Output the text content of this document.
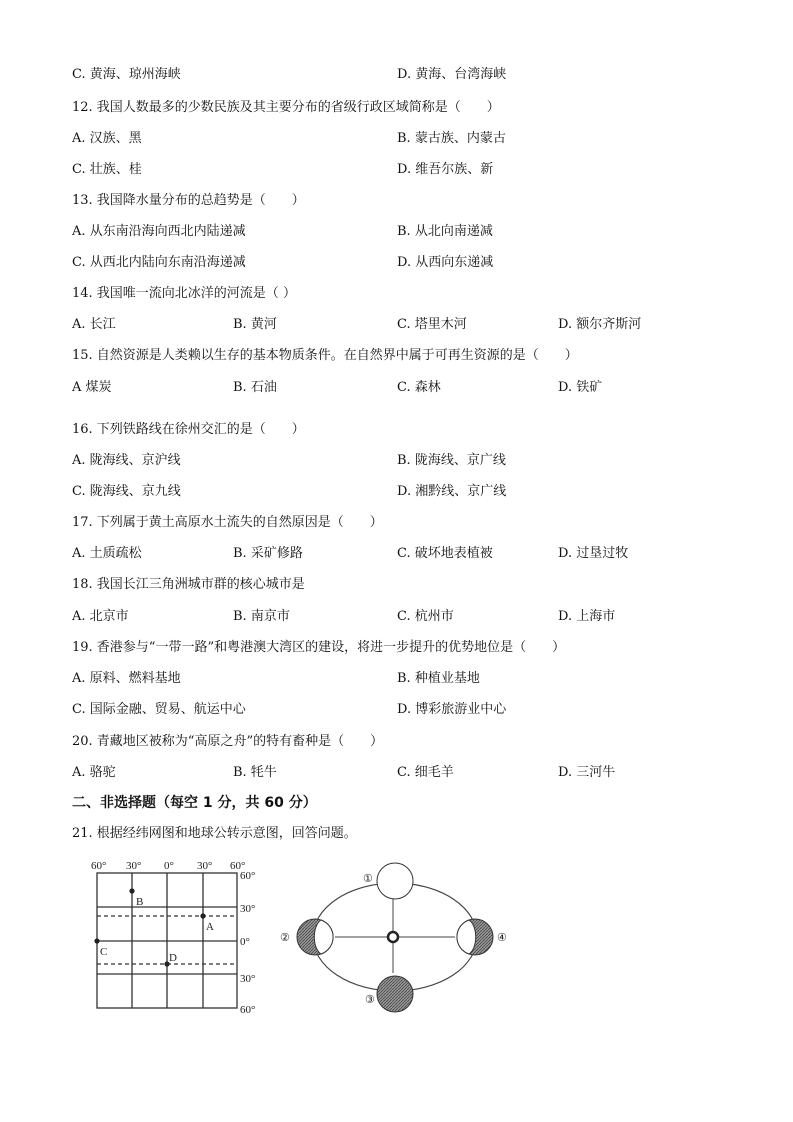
C. 黄海、琼州海峡	D. 黄海、台湾海峡
12. 我国人数最多的少数民族及其主要分布的省级行政区域简称是（　　）
A. 汉族、黑	B. 蒙古族、内蒙古
C. 壮族、桂	D. 维吾尔族、新
13. 我国降水量分布的总趋势是（　　）
A. 从东南沿海向西北内陆递减	B. 从北向南递减
C. 从西北内陆向东南沿海递减	D. 从西向东递减
14. 我国唯一流向北冰洋的河流是（ ）
A. 长江	B. 黄河	C. 塔里木河	D. 额尔齐斯河
15. 自然资源是人类赖以生存的基本物质条件。在自然界中属于可再生资源的是（　　）
A 煤炭	B. 石油	C. 森林	D. 铁矿
16. 下列铁路线在徐州交汇的是（　　）
A. 陇海线、京沪线	B. 陇海线、京广线
C. 陇海线、京九线	D. 湘黔线、京广线
17. 下列属于黄土高原水土流失的自然原因是（　　）
A. 土质疏松	B. 采矿修路	C. 破坏地表植被	D. 过垦过牧
18. 我国长江三角洲城市群的核心城市是
A. 北京市	B. 南京市	C. 杭州市	D. 上海市
19. 香港参与“一带一路”和粤港澳大湾区的建设，将进一步提升的优势地位是（　　）
A. 原料、燃料基地	B. 种植业基地
C. 国际金融、贸易、航运中心	D. 博彩旅游业中心
20. 青藏地区被称为“高原之舟”的特有畜种是（　　）
A. 骆驼	B. 牦牛	C. 细毛羊	D. 三河牛
二、非选择题（每空 1 分，共 60 分）
21. 根据经纬网图和地球公转示意图，回答问题。
60° 30° 0° 30° 60°
60°
30°
0°
30°
60°
B
A
C	D
①
②
③
④
